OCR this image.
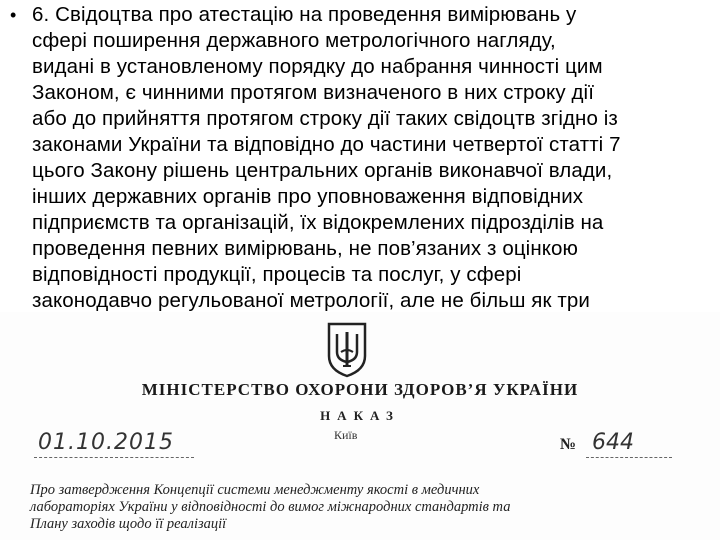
• 6. Свідоцтва про атестацію на проведення вимірювань у
сфері поширення державного метрологічного нагляду,
видані в установленому порядку до набрання чинності цим
Законом, є чинними протягом визначеного в них строку дії
або до прийняття протягом строку дії таких свідоцтв згідно із
законами України та відповідно до частини четвертої статті 7
цього Закону рішень центральних органів виконавчої влади,
інших державних органів про уповноваження відповідних
підприємств та організацій, їх відокремлених підрозділів на
проведення певних вимірювань, не пов’язаних з оцінкою
відповідності продукції, процесів та послуг, у сфері
законодавчо регульованої метрології, але не більш як три
МІНІСТЕРСТВО ОХОРОНИ ЗДОРОВ’Я УКРАЇНИ
НАКАЗ
01.10.2015	Київ
№ 644
Про затвердження Концепції системи менеджменту якості в медичних
лабораторіях України у відповідності до вимог міжнародних стандартів та
Плану заходів щодо її реалізації
